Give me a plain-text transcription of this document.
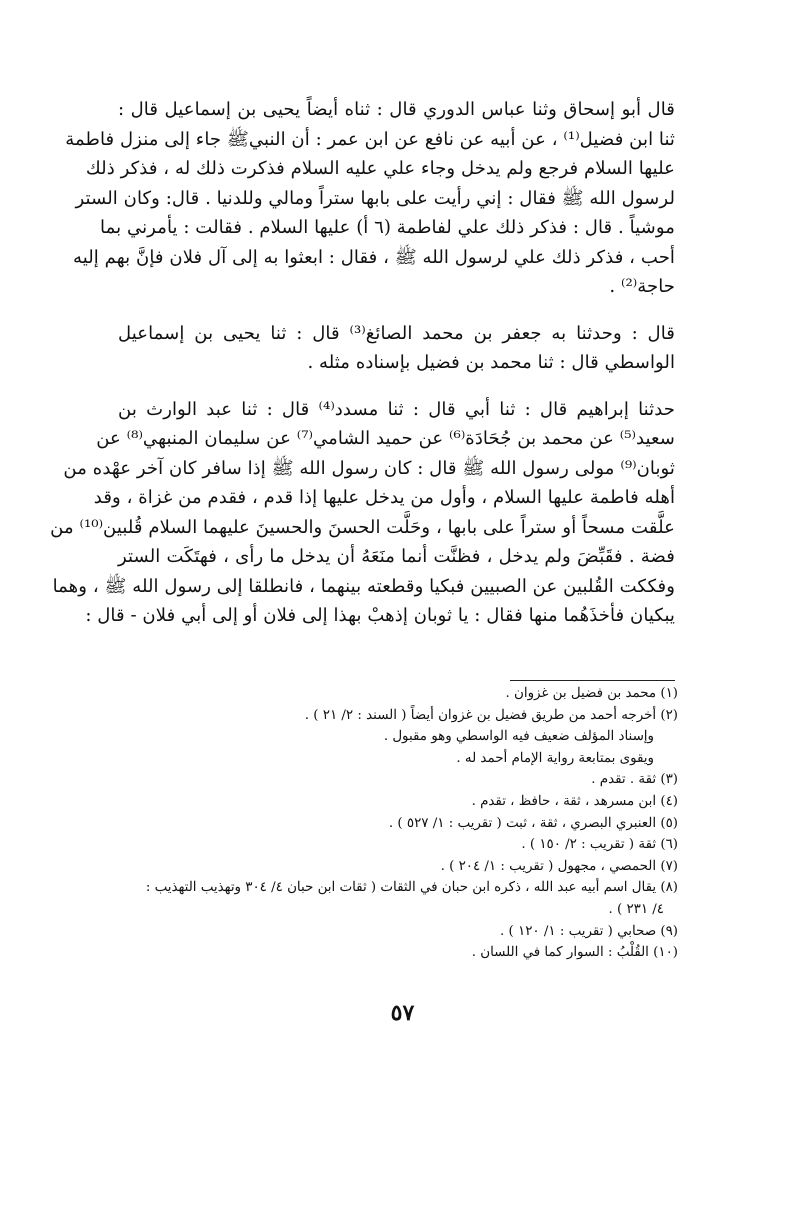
قال أبو إسحاق وثنا عباس الدوري قال : ثناه أيضاً يحيى بن إسماعيل قال :
ثنا ابن فضيل⁽¹⁾ ، عن أبيه عن نافع عن ابن عمر : أن النبيﷺ جاء إلى منزل فاطمة
عليها السلام فرجع ولم يدخل وجاء علي عليه السلام فذكرت ذلك له ، فذكر ذلك
لرسول الله ﷺ فقال : إني رأيت على بابها ستراً ومالي وللدنيا . قال: وكان الستر
موشياً . قال : فذكر ذلك علي لفاطمة (٦ أ) عليها السلام . فقالت : يأمرني بما
أحب ، فذكر ذلك علي لرسول الله ﷺ ، فقال : ابعثوا به إلى آل فلان فإنَّ بهم إليه
حاجة⁽²⁾ .

قال : وحدثنا به جعفر بن محمد الصائغ⁽³⁾ قال : ثنا يحيى بن إسماعيل
الواسطي قال : ثنا محمد بن فضيل بإسناده مثله .

حدثنا إبراهيم قال : ثنا أبي قال : ثنا مسدد⁽⁴⁾ قال : ثنا عبد الوارث بن
سعيد⁽⁵⁾ عن محمد بن جُحَادَة⁽⁶⁾ عن حميد الشامي⁽⁷⁾ عن سليمان المنبهي⁽⁸⁾ عن
ثوبان⁽⁹⁾ مولى رسول الله ﷺ قال : كان رسول الله ﷺ إذا سافر كان آخر عهْده من
أهله فاطمة عليها السلام ، وأول من يدخل عليها إذا قدم ، فقدم من غزاة ، وقد
علَّقت مسحاً أو ستراً على بابها ، وحَلَّت الحسنَ والحسينَ عليهما السلام قُلبين⁽¹⁰⁾ من
فضة . فقَبِّضَ ولم يدخل ، فظنَّت أنما منَعَهُ أن يدخل ما رأى ، فهتَكَت الستر
وفككت القُلبين عن الصبيين فبكيا وقطعته بينهما ، فانطلقا إلى رسول الله ﷺ ، وهما
يبكيان فأخذَهُما منها فقال : يا ثوبان إذهبْ بهذا إلى فلان أو إلى أبي فلان - قال :

(١) محمد بن فضيل بن غزوان .
(٢) أخرجه أحمد من طريق فضيل بن غزوان أيضاً ( السند : ٢/ ٢١ ) .
وإسناد المؤلف ضعيف فيه الواسطي وهو مقبول .
ويقوى بمتابعة رواية الإمام أحمد له .
(٣) ثقة . تقدم .
(٤) ابن مسرهد ، ثقة ، حافظ ، تقدم .
(٥) العنبري البصري ، ثقة ، ثبت ( تقريب : ١/ ٥٢٧ ) .
(٦) ثقة ( تقريب : ٢/ ١٥٠ ) .
(٧) الحمصي ، مجهول ( تقريب : ١/ ٢٠٤ ) .
(٨) يقال اسم أبيه عبد الله ، ذكره ابن حبان في الثقات ( ثقات ابن حبان ٤/ ٣٠٤ وتهذيب التهذيب :
٤/ ٢٣١ ) .
(٩) صحابي ( تقريب : ١/ ١٢٠ ) .
(١٠) القُلْبُ : السوار كما في اللسان .
٥٧
